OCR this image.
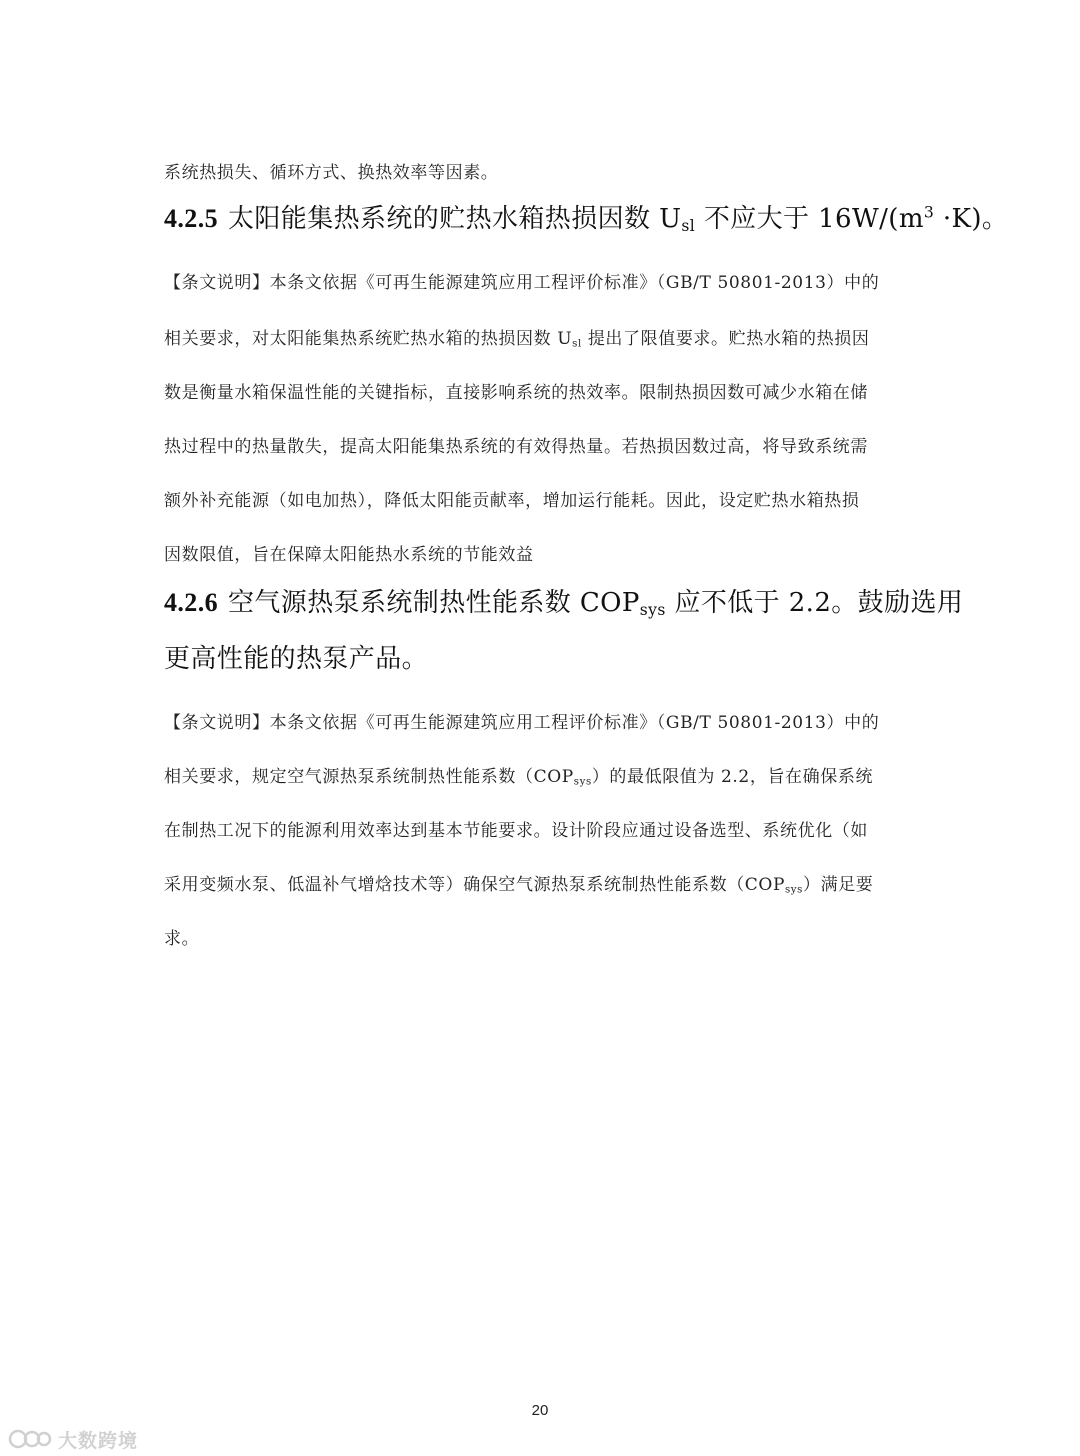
系统热损失、循环方式、换热效率等因素。
4.2.5 太阳能集热系统的贮热水箱热损因数 $U_{sl}$ 不应大于 $16W/(m^3 \cdot K)$。
【条文说明】本条文依据《可再生能源建筑应用工程评价标准》（GB/T 50801-2013）中的
相关要求，对太阳能集热系统贮热水箱的热损因数 $U_{sl}$ 提出了限值要求。贮热水箱的热损因
数是衡量水箱保温性能的关键指标，直接影响系统的热效率。限制热损因数可减少水箱在储
热过程中的热量散失，提高太阳能集热系统的有效得热量。若热损因数过高，将导致系统需
额外补充能源（如电加热），降低太阳能贡献率，增加运行能耗。因此，设定贮热水箱热损
因数限值，旨在保障太阳能热水系统的节能效益
4.2.6 空气源热泵系统制热性能系数 $COP_{sys}$ 应不低于 2.2。鼓励选用
更高性能的热泵产品。
【条文说明】本条文依据《可再生能源建筑应用工程评价标准》（GB/T 50801-2013）中的
相关要求，规定空气源热泵系统制热性能系数$(COP_{sys})$的最低限值为 2.2，旨在确保系统
在制热工况下的能源利用效率达到基本节能要求。设计阶段应通过设备选型、系统优化（如
采用变频水泵、低温补气增焓技术等）确保空气源热泵系统制热性能系数$(COP_{sys})$满足要
求。
20
大数跨境
